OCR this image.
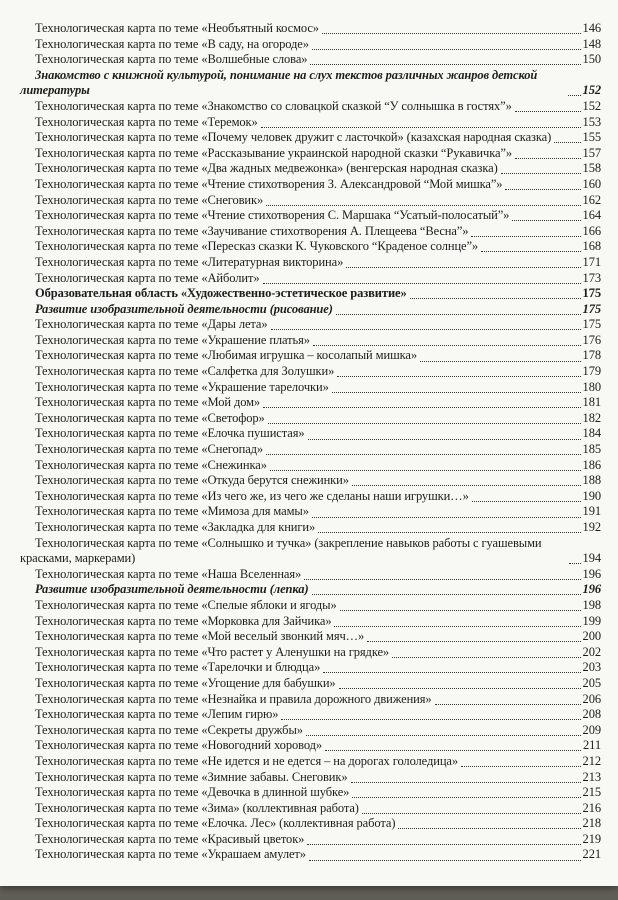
Технологическая карта по теме «Необъятный космос»	146
Технологическая карта по теме «В саду, на огороде»	148
Технологическая карта по теме «Волшебные слова»	150
Знакомство с книжной культурой, понимание на слух текстов различных жанров детской литературы	152
Технологическая карта по теме «Знакомство со словацкой сказкой “У солнышка в гостях”»	152
Технологическая карта по теме «Теремок»	153
Технологическая карта по теме «Почему человек дружит с ласточкой» (казахская народная сказка)	155
Технологическая карта по теме «Рассказывание украинской народной сказки “Рукавичка”»	157
Технологическая карта по теме «Два жадных медвежонка» (венгерская народная сказка)	158
Технологическая карта по теме «Чтение стихотворения З. Александровой “Мой мишка”»	160
Технологическая карта по теме «Снеговик»	162
Технологическая карта по теме «Чтение стихотворения С. Маршака “Усатый-полосатый”»	164
Технологическая карта по теме «Заучивание стихотворения А. Плещеева “Весна”»	166
Технологическая карта по теме «Пересказ сказки К. Чуковского “Краденое солнце”»	168
Технологическая карта по теме «Литературная викторина»	171
Технологическая карта по теме «Айболит»	173
Образовательная область «Художественно-эстетическое развитие»	175
Развитие изобразительной деятельности (рисование)	175
Технологическая карта по теме «Дары лета»	175
Технологическая карта по теме «Украшение платья»	176
Технологическая карта по теме «Любимая игрушка – косолапый мишка»	178
Технологическая карта по теме «Салфетка для Золушки»	179
Технологическая карта по теме «Украшение тарелочки»	180
Технологическая карта по теме «Мой дом»	181
Технологическая карта по теме «Светофор»	182
Технологическая карта по теме «Елочка пушистая»	184
Технологическая карта по теме «Снегопад»	185
Технологическая карта по теме «Снежинка»	186
Технологическая карта по теме «Откуда берутся снежинки»	188
Технологическая карта по теме «Из чего же, из чего же сделаны наши игрушки…»	190
Технологическая карта по теме «Мимоза для мамы»	191
Технологическая карта по теме «Закладка для книги»	192
Технологическая карта по теме «Солнышко и тучка» (закрепление навыков работы с гуашевыми красками, маркерами)	194
Технологическая карта по теме «Наша Вселенная»	196
Развитие изобразительной деятельности (лепка)	196
Технологическая карта по теме «Спелые яблоки и ягоды»	198
Технологическая карта по теме «Морковка для Зайчика»	199
Технологическая карта по теме «Мой веселый звонкий мяч…»	200
Технологическая карта по теме «Что растет у Аленушки на грядке»	202
Технологическая карта по теме «Тарелочки и блюдца»	203
Технологическая карта по теме «Угощение для бабушки»	205
Технологическая карта по теме «Незнайка и правила дорожного движения»	206
Технологическая карта по теме «Лепим гирю»	208
Технологическая карта по теме «Секреты дружбы»	209
Технологическая карта по теме «Новогодний хоровод»	211
Технологическая карта по теме «Не идется и не едется – на дорогах гололедица»	212
Технологическая карта по теме «Зимние забавы. Снеговик»	213
Технологическая карта по теме «Девочка в длинной шубке»	215
Технологическая карта по теме «Зима» (коллективная работа)	216
Технологическая карта по теме «Елочка. Лес» (коллективная работа)	218
Технологическая карта по теме «Красивый цветок»	219
Технологическая карта по теме «Украшаем амулет»	221
